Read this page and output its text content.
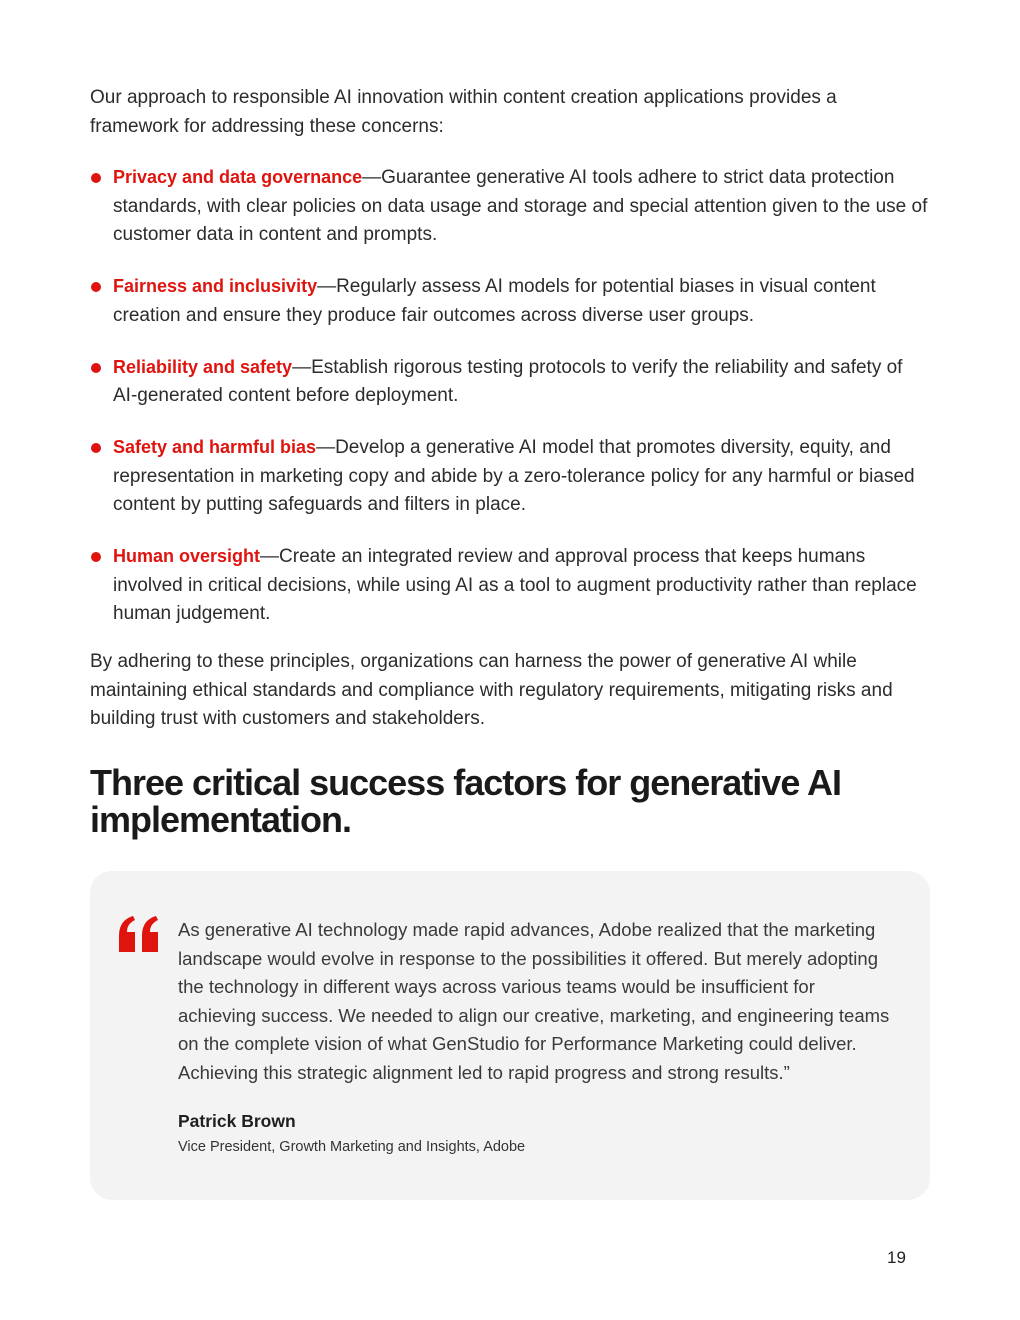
Our approach to responsible AI innovation within content creation applications provides a framework for addressing these concerns:

Privacy and data governance—Guarantee generative AI tools adhere to strict data protection standards, with clear policies on data usage and storage and special attention given to the use of customer data in content and prompts.
Fairness and inclusivity—Regularly assess AI models for potential biases in visual content creation and ensure they produce fair outcomes across diverse user groups.
Reliability and safety—Establish rigorous testing protocols to verify the reliability and safety of AI-generated content before deployment.
Safety and harmful bias—Develop a generative AI model that promotes diversity, equity, and representation in marketing copy and abide by a zero-tolerance policy for any harmful or biased content by putting safeguards and filters in place.
Human oversight—Create an integrated review and approval process that keeps humans involved in critical decisions, while using AI as a tool to augment productivity rather than replace human judgement.

By adhering to these principles, organizations can harness the power of generative AI while maintaining ethical standards and compliance with regulatory requirements, mitigating risks and building trust with customers and stakeholders.

Three critical success factors for generative AI implementation.

As generative AI technology made rapid advances, Adobe realized that the marketing landscape would evolve in response to the possibilities it offered. But merely adopting the technology in different ways across various teams would be insufficient for achieving success. We needed to align our creative, marketing, and engineering teams on the complete vision of what GenStudio for Performance Marketing could deliver. Achieving this strategic alignment led to rapid progress and strong results.”

Patrick Brown

Vice President, Growth Marketing and Insights, Adobe

19
